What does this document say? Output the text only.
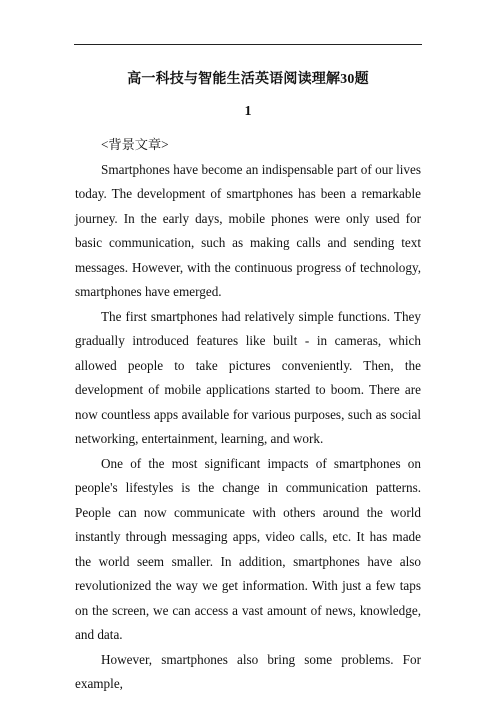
高一科技与智能生活英语阅读理解30题
1

<背景文章>

Smartphones have become an indispensable part of our lives today. The development of smartphones has been a remarkable journey. In the early days, mobile phones were only used for basic communication, such as making calls and sending text messages. However, with the continuous progress of technology, smartphones have emerged.

The first smartphones had relatively simple functions. They gradually introduced features like built - in cameras, which allowed people to take pictures conveniently. Then, the development of mobile applications started to boom. There are now countless apps available for various purposes, such as social networking, entertainment, learning, and work.

One of the most significant impacts of smartphones on people's lifestyles is the change in communication patterns. People can now communicate with others around the world instantly through messaging apps, video calls, etc. It has made the world seem smaller. In addition, smartphones have also revolutionized the way we get information. With just a few taps on the screen, we can access a vast amount of news, knowledge, and data.

However, smartphones also bring some problems. For example,
